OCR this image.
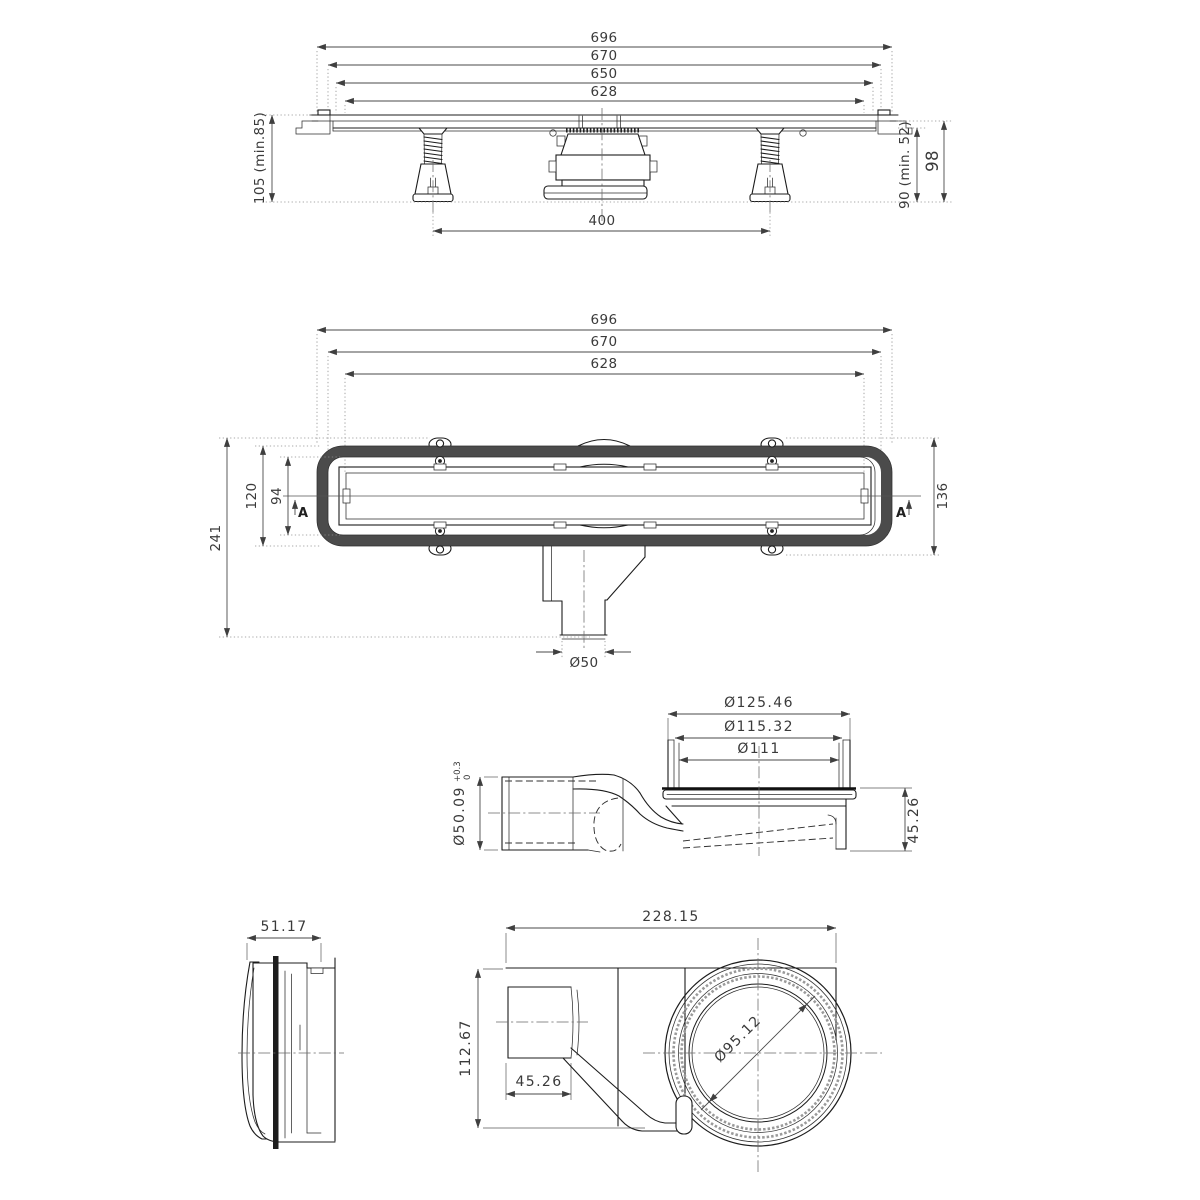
696
670
650
628
105 (min.85)	90 (min. 52) 98
400
696
670
628
A	A
94
120
241
136
Ø50
Ø125.46
Ø115.32
Ø111
Ø50.09
+0.3 0
45.26
51.17
228.15
112.67
45.26
Ø95.12
